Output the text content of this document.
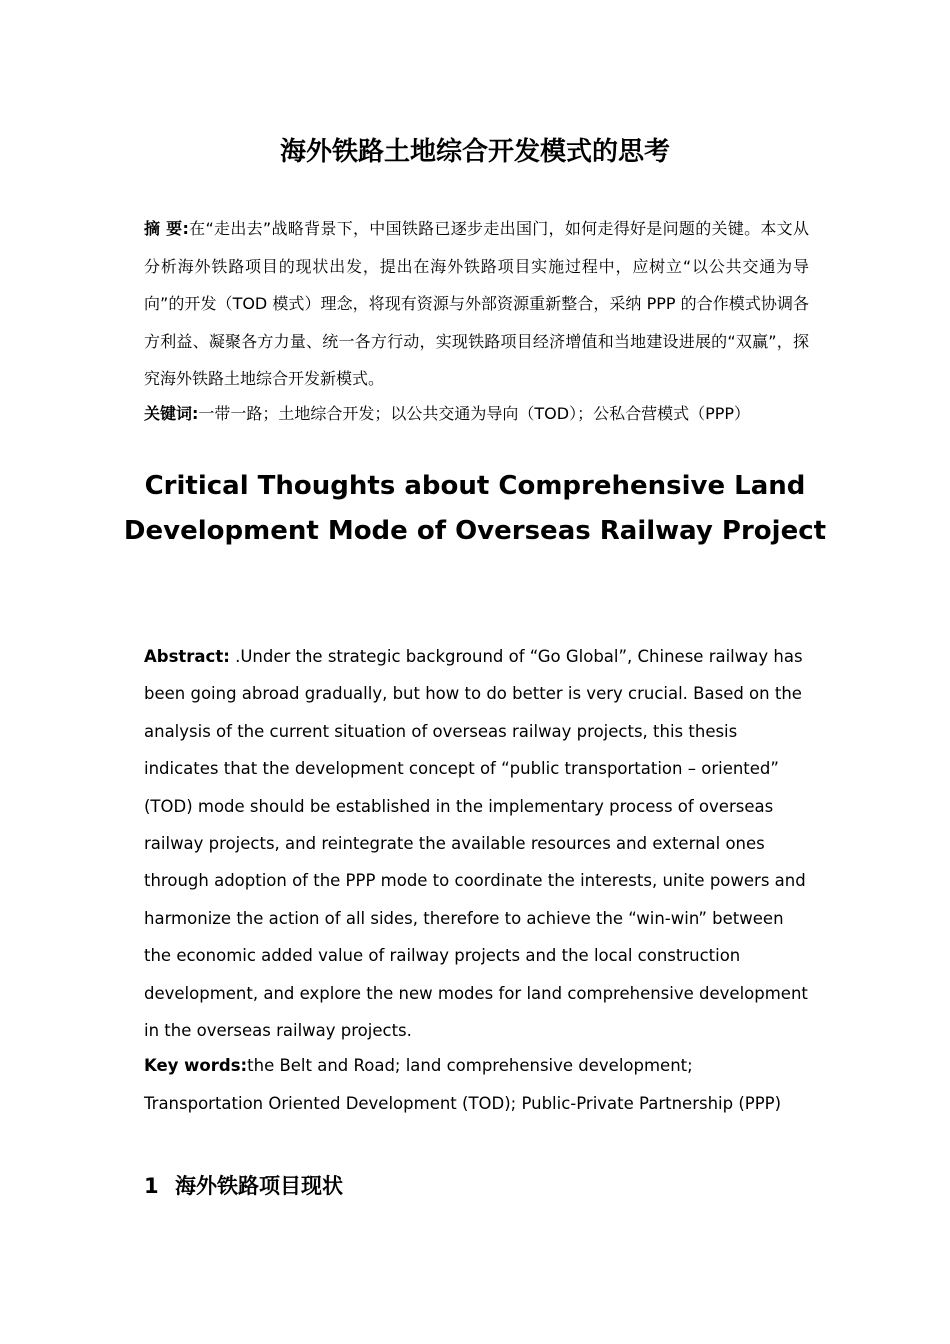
海外铁路土地综合开发模式的思考

摘 要:在“走出去”战略背景下，中国铁路已逐步走出国门，如何走得好是问题的关键。本文从分析海外铁路项目的现状出发，提出在海外铁路项目实施过程中，应树立“以公共交通为导向”的开发（TOD 模式）理念，将现有资源与外部资源重新整合，采纳 PPP 的合作模式协调各方利益、凝聚各方力量、统一各方行动，实现铁路项目经济增值和当地建设进展的“双赢”，探究海外铁路土地综合开发新模式。

关键词:一带一路；土地综合开发；以公共交通为导向（TOD）；公私合营模式（PPP）

Critical Thoughts about Comprehensive Land Development Mode of Overseas Railway Project

Abstract: .Under the strategic background of “Go Global”, Chinese railway has been going abroad gradually, but how to do better is very crucial. Based on the analysis of the current situation of overseas railway projects, this thesis indicates that the development concept of “public transportation – oriented” (TOD) mode should be established in the implementary process of overseas railway projects, and reintegrate the available resources and external ones through adoption of the PPP mode to coordinate the interests, unite powers and harmonize the action of all sides, therefore to achieve the “win-win” between the economic added value of railway projects and the local construction development, and explore the new modes for land comprehensive development in the overseas railway projects.

Key words:the Belt and Road; land comprehensive development; Transportation Oriented Development (TOD); Public-Private Partnership (PPP)

1 海外铁路项目现状
